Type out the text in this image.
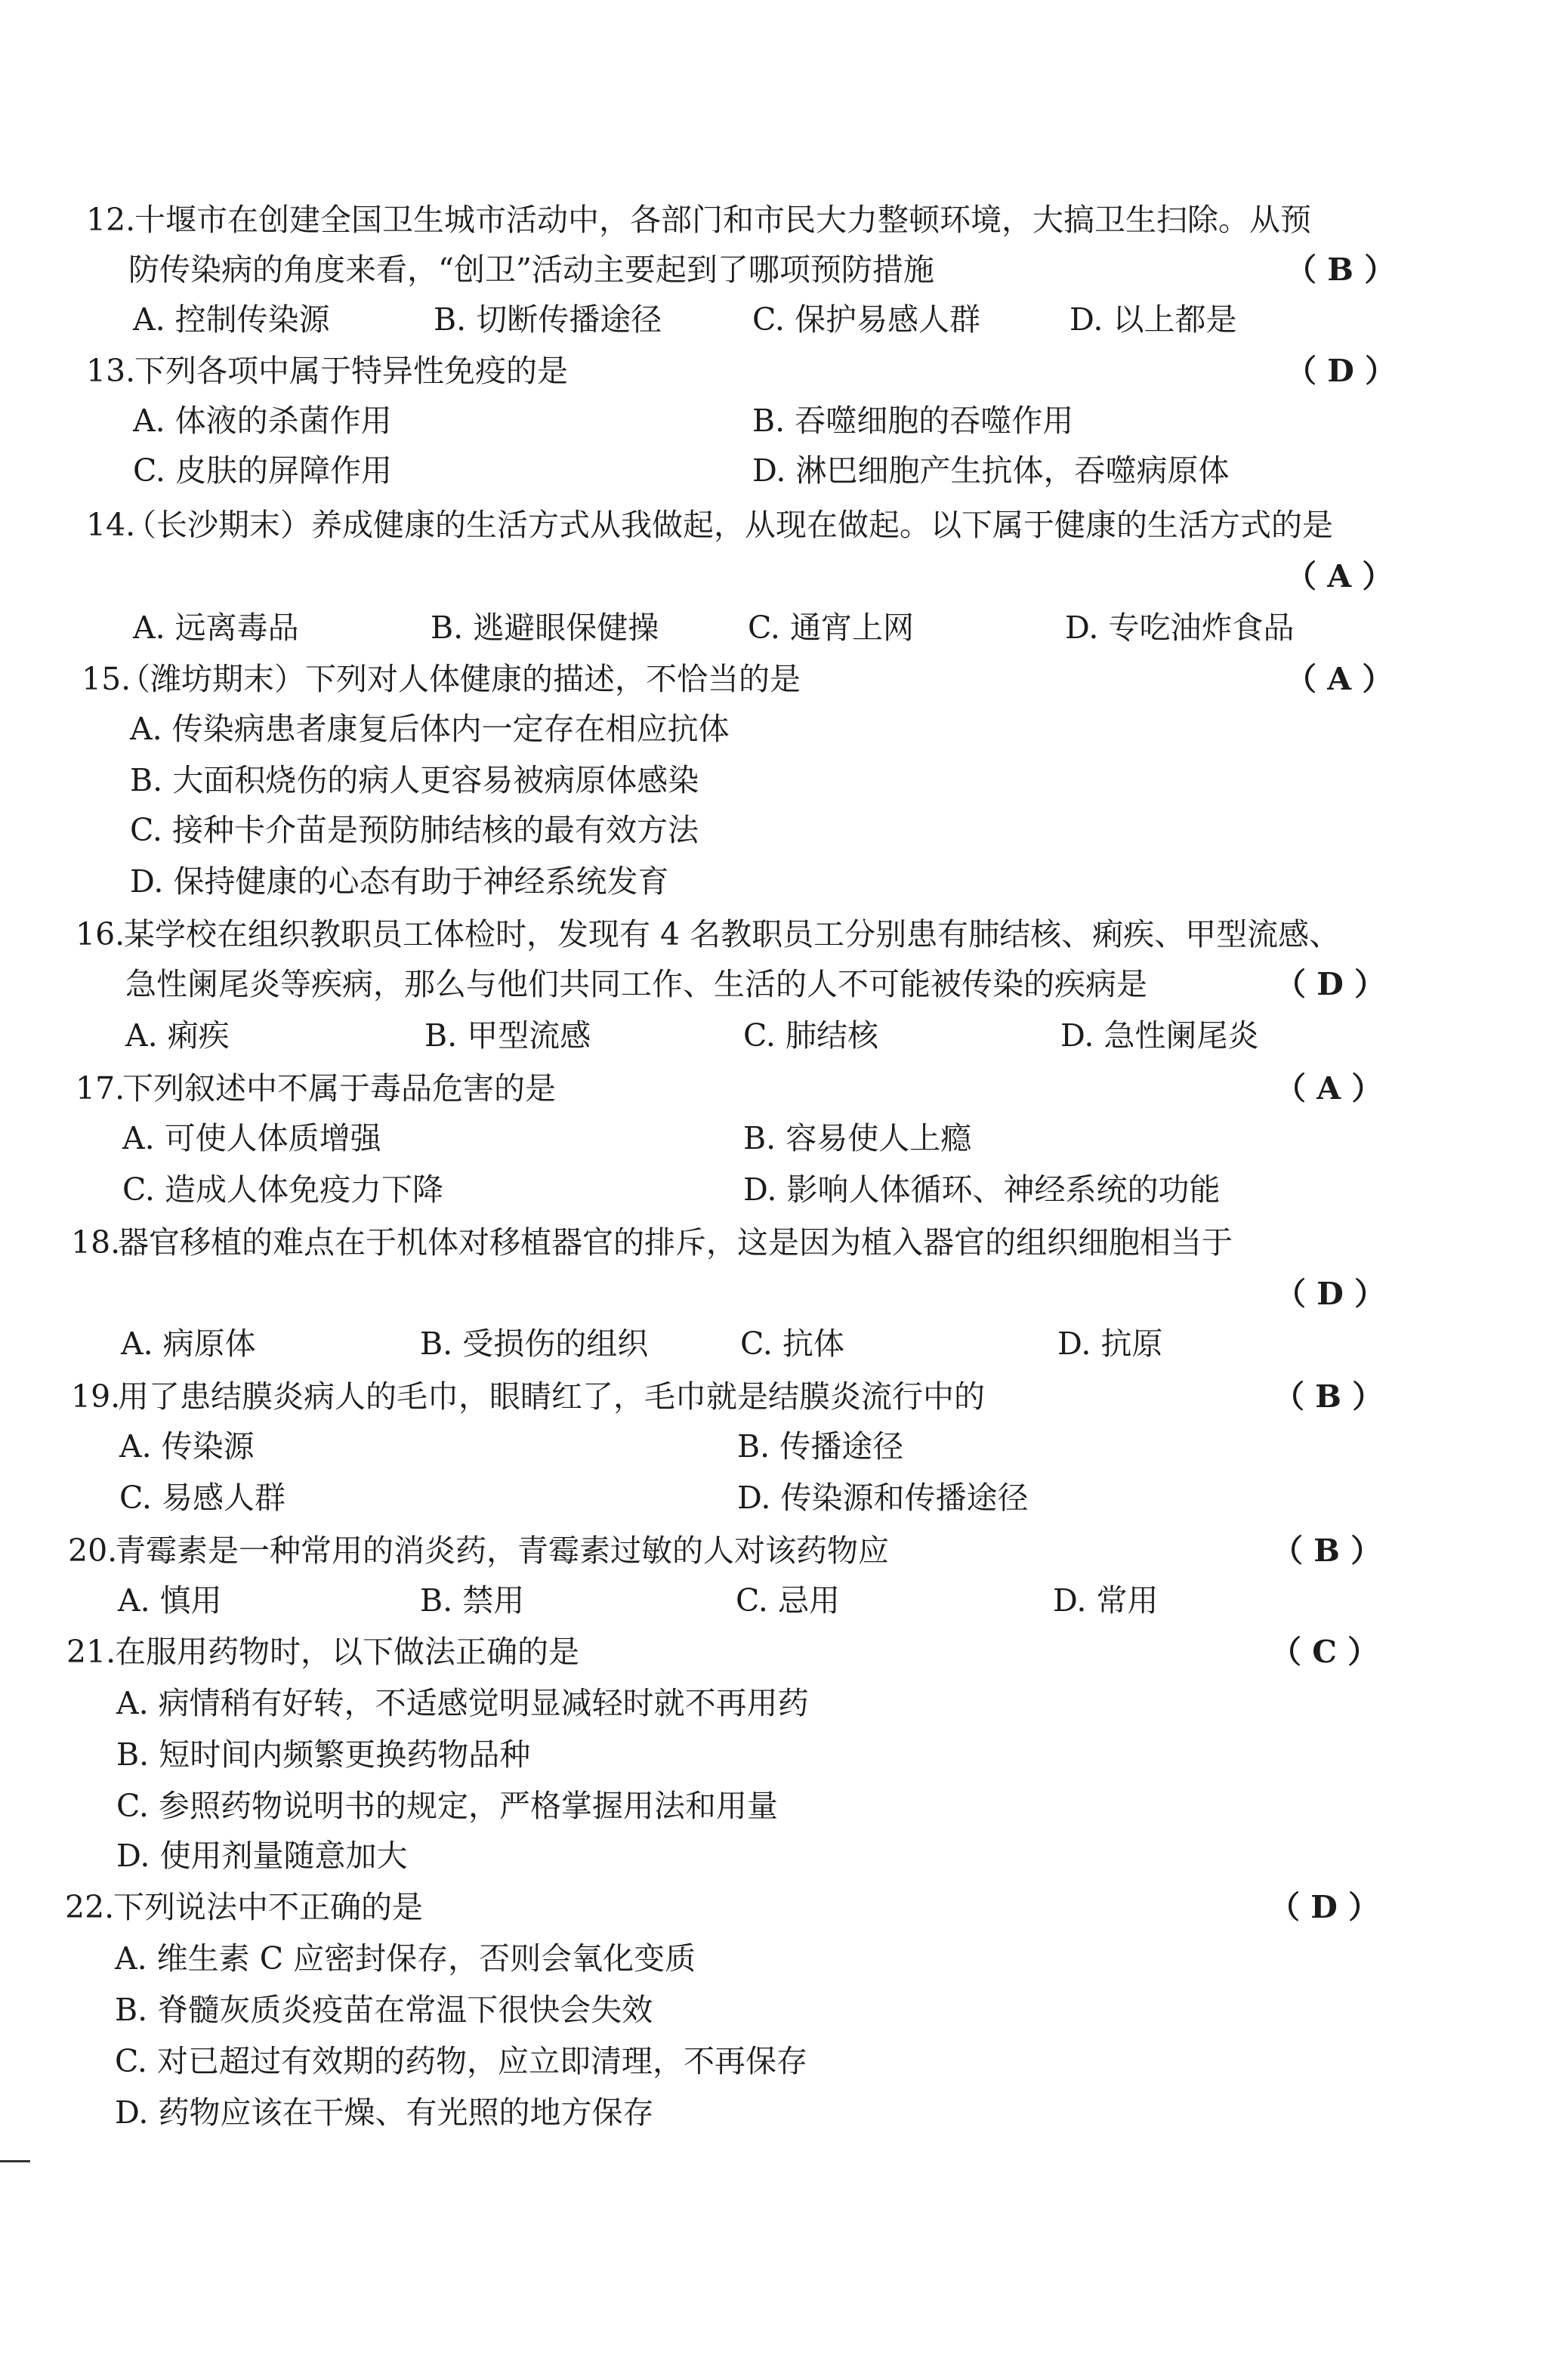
12.
十堰市在创建全国卫生城市活动中，各部门和市民大力整顿环境，大搞卫生扫除。从预
防传染病的角度来看，“创卫”活动主要起到了哪项预防措施	（ B ）
A. 控制传染源	B. 切断传播途径	C. 保护易感人群	D. 以上都是
13.
下列各项中属于特异性免疫的是	（ D ）
A. 体液的杀菌作用	B. 吞噬细胞的吞噬作用
C. 皮肤的屏障作用	D. 淋巴细胞产生抗体，吞噬病原体
14.
（长沙期末）养成健康的生活方式从我做起，从现在做起。以下属于健康的生活方式的是
（ A ）
A. 远离毒品	B. 逃避眼保健操	C. 通宵上网	D. 专吃油炸食品
15.
（潍坊期末）下列对人体健康的描述，不恰当的是	（ A ）
A. 传染病患者康复后体内一定存在相应抗体
B. 大面积烧伤的病人更容易被病原体感染
C. 接种卡介苗是预防肺结核的最有效方法
D. 保持健康的心态有助于神经系统发育
16.
某学校在组织教职员工体检时，发现有 4 名教职员工分别患有肺结核、痢疾、甲型流感、
急性阑尾炎等疾病，那么与他们共同工作、生活的人不可能被传染的疾病是	（ D ）
A. 痢疾	B. 甲型流感	C. 肺结核	D. 急性阑尾炎
17.
下列叙述中不属于毒品危害的是	（ A ）
A. 可使人体质增强	B. 容易使人上瘾
C. 造成人体免疫力下降	D. 影响人体循环、神经系统的功能
18.
器官移植的难点在于机体对移植器官的排斥，这是因为植入器官的组织细胞相当于
（ D ）
A. 病原体	B. 受损伤的组织	C. 抗体	D. 抗原
19.
用了患结膜炎病人的毛巾，眼睛红了，毛巾就是结膜炎流行中的	（ B ）
A. 传染源	B. 传播途径
C. 易感人群	D. 传染源和传播途径
20.
青霉素是一种常用的消炎药，青霉素过敏的人对该药物应	（ B ）
A. 慎用	B. 禁用	C. 忌用	D. 常用
21.
在服用药物时，以下做法正确的是	（ C ）
A. 病情稍有好转，不适感觉明显减轻时就不再用药
B. 短时间内频繁更换药物品种
C. 参照药物说明书的规定，严格掌握用法和用量
D. 使用剂量随意加大
22.
下列说法中不正确的是	（ D ）
A. 维生素 C 应密封保存，否则会氧化变质
B. 脊髓灰质炎疫苗在常温下很快会失效
C. 对已超过有效期的药物，应立即清理，不再保存
D. 药物应该在干燥、有光照的地方保存
